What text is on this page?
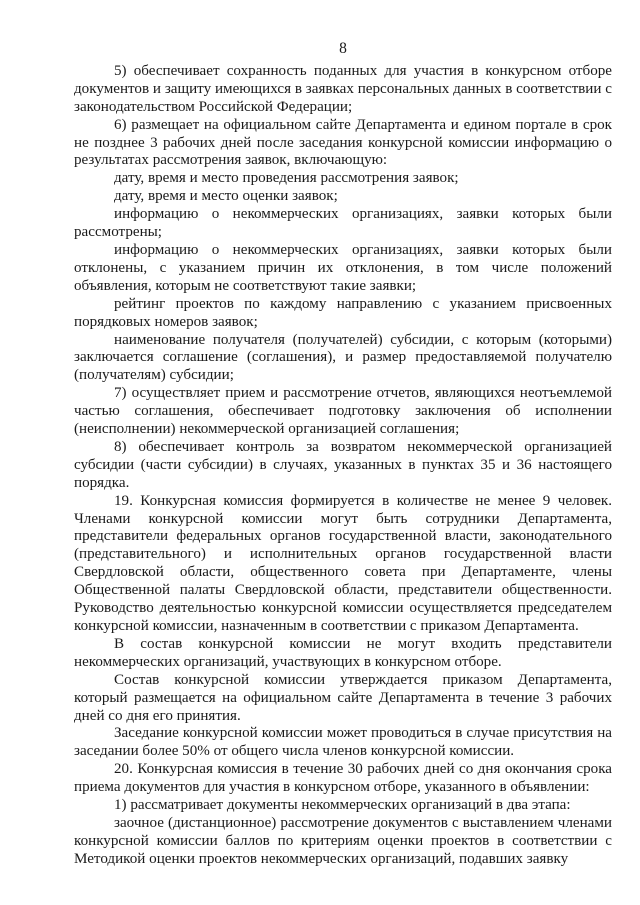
8

5) обеспечивает сохранность поданных для участия в конкурсном отборе документов и защиту имеющихся в заявках персональных данных в соответствии с законодательством Российской Федерации;

6) размещает на официальном сайте Департамента и едином портале в срок не позднее 3 рабочих дней после заседания конкурсной комиссии информацию о результатах рассмотрения заявок, включающую:

дату, время и место проведения рассмотрения заявок;

дату, время и место оценки заявок;

информацию о некоммерческих организациях, заявки которых были рассмотрены;

информацию о некоммерческих организациях, заявки которых были отклонены, с указанием причин их отклонения, в том числе положений объявления, которым не соответствуют такие заявки;

рейтинг проектов по каждому направлению с указанием присвоенных порядковых номеров заявок;

наименование получателя (получателей) субсидии, с которым (которыми) заключается соглашение (соглашения), и размер предоставляемой получателю (получателям) субсидии;

7) осуществляет прием и рассмотрение отчетов, являющихся неотъемлемой частью соглашения, обеспечивает подготовку заключения об исполнении (неисполнении) некоммерческой организацией соглашения;

8) обеспечивает контроль за возвратом некоммерческой организацией субсидии (части субсидии) в случаях, указанных в пунктах 35 и 36 настоящего порядка.

19. Конкурсная комиссия формируется в количестве не менее 9 человек. Членами конкурсной комиссии могут быть сотрудники Департамента, представители федеральных органов государственной власти, законодательного (представительного) и исполнительных органов государственной власти Свердловской области, общественного совета при Департаменте, члены Общественной палаты Свердловской области, представители общественности. Руководство деятельностью конкурсной комиссии осуществляется председателем конкурсной комиссии, назначенным в соответствии с приказом Департамента.

В состав конкурсной комиссии не могут входить представители некоммерческих организаций, участвующих в конкурсном отборе.

Состав конкурсной комиссии утверждается приказом Департамента, который размещается на официальном сайте Департамента в течение 3 рабочих дней со дня его принятия.

Заседание конкурсной комиссии может проводиться в случае присутствия на заседании более 50% от общего числа членов конкурсной комиссии.

20. Конкурсная комиссия в течение 30 рабочих дней со дня окончания срока приема документов для участия в конкурсном отборе, указанного в объявлении:

1) рассматривает документы некоммерческих организаций в два этапа:

заочное (дистанционное) рассмотрение документов с выставлением членами конкурсной комиссии баллов по критериям оценки проектов в соответствии с Методикой оценки проектов некоммерческих организаций, подавших заявку
